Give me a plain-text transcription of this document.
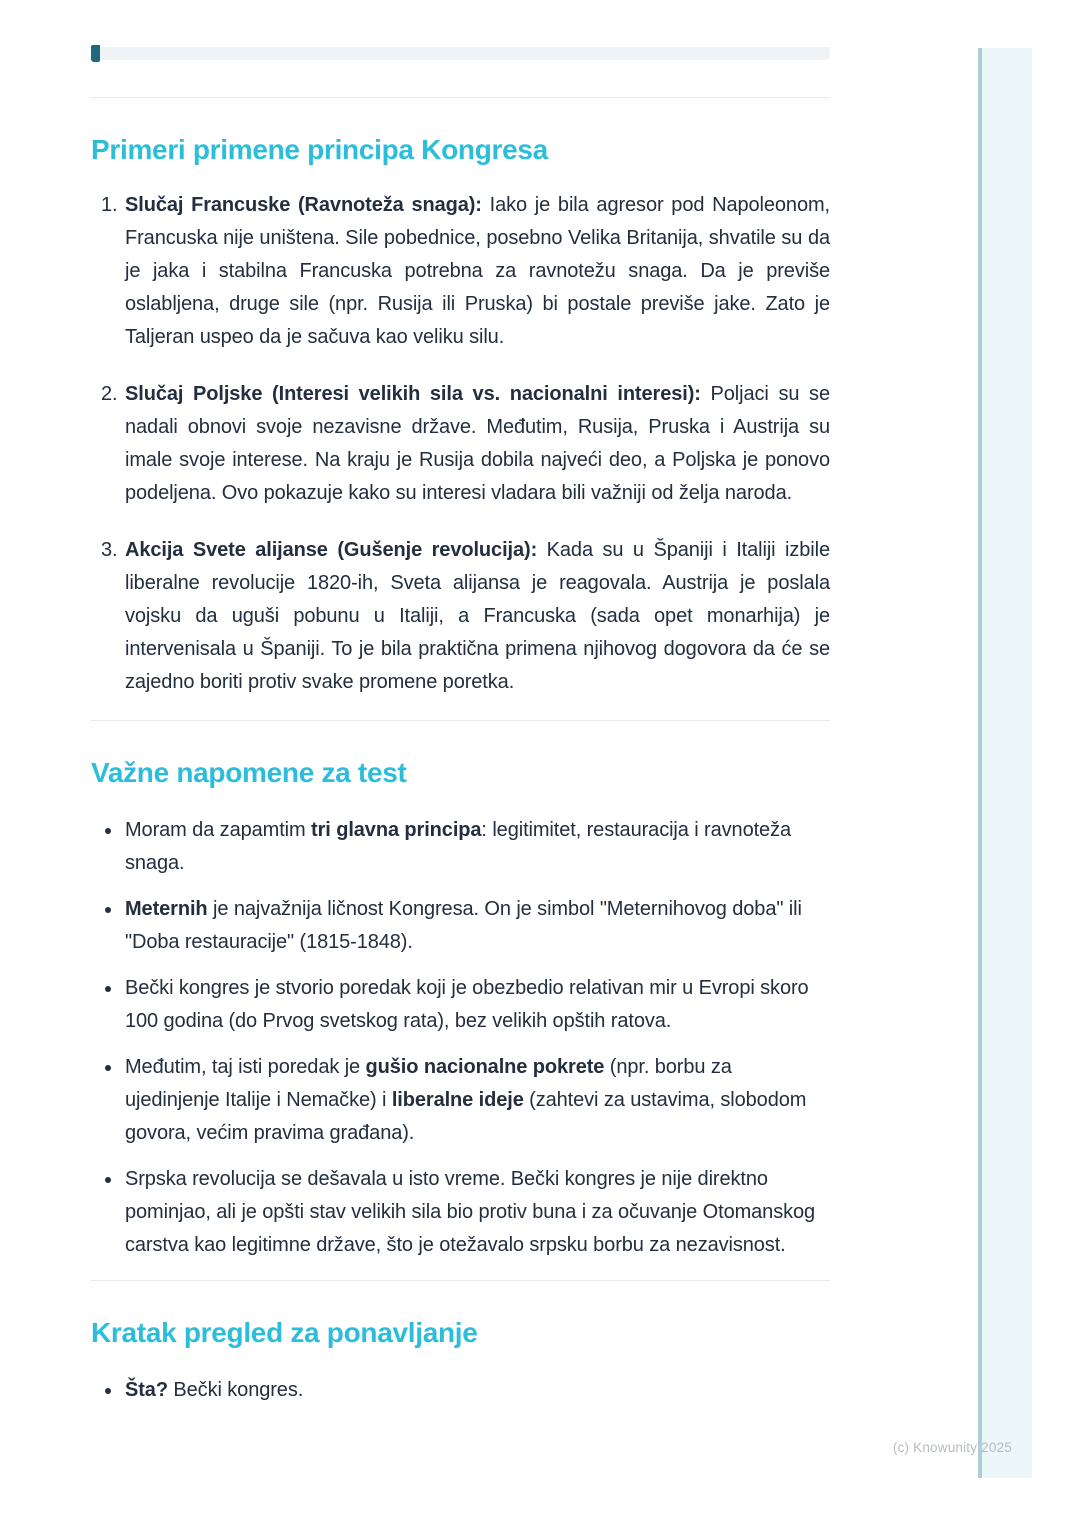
Primeri primene principa Kongresa
1. Slučaj Francuske (Ravnoteža snaga): Iako je bila agresor pod Napoleonom, Francuska nije uništena. Sile pobednice, posebno Velika Britanija, shvatile su da je jaka i stabilna Francuska potrebna za ravnotežu snaga. Da je previše oslabljena, druge sile (npr. Rusija ili Pruska) bi postale previše jake. Zato je Taljeran uspeo da je sačuva kao veliku silu.
2. Slučaj Poljske (Interesi velikih sila vs. nacionalni interesi): Poljaci su se nadali obnovi svoje nezavisne države. Međutim, Rusija, Pruska i Austrija su imale svoje interese. Na kraju je Rusija dobila najveći deo, a Poljska je ponovo podeljena. Ovo pokazuje kako su interesi vladara bili važniji od želja naroda.
3. Akcija Svete alijanse (Gušenje revolucija): Kada su u Španiji i Italiji izbile liberalne revolucije 1820-ih, Sveta alijansa je reagovala. Austrija je poslala vojsku da uguši pobunu u Italiji, a Francuska (sada opet monarhija) je intervenisala u Španiji. To je bila praktična primena njihovog dogovora da će se zajedno boriti protiv svake promene poretka.
Važne napomene za test
Moram da zapamtim tri glavna principa: legitimitet, restauracija i ravnoteža snaga.
Meternih je najvažnija ličnost Kongresa. On je simbol "Meternihovog doba" ili "Doba restauracije" (1815-1848).
Bečki kongres je stvorio poredak koji je obezbedio relativan mir u Evropi skoro 100 godina (do Prvog svetskog rata), bez velikih opštih ratova.
Međutim, taj isti poredak je gušio nacionalne pokrete (npr. borbu za ujedinjenje Italije i Nemačke) i liberalne ideje (zahtevi za ustavima, slobodom govora, većim pravima građana).
Srpska revolucija se dešavala u isto vreme. Bečki kongres je nije direktno pominjao, ali je opšti stav velikih sila bio protiv buna i za očuvanje Otomanskog carstva kao legitimne države, što je otežavalo srpsku borbu za nezavisnost.
Kratak pregled za ponavljanje
Šta? Bečki kongres.
(c) Knowunity 2025
